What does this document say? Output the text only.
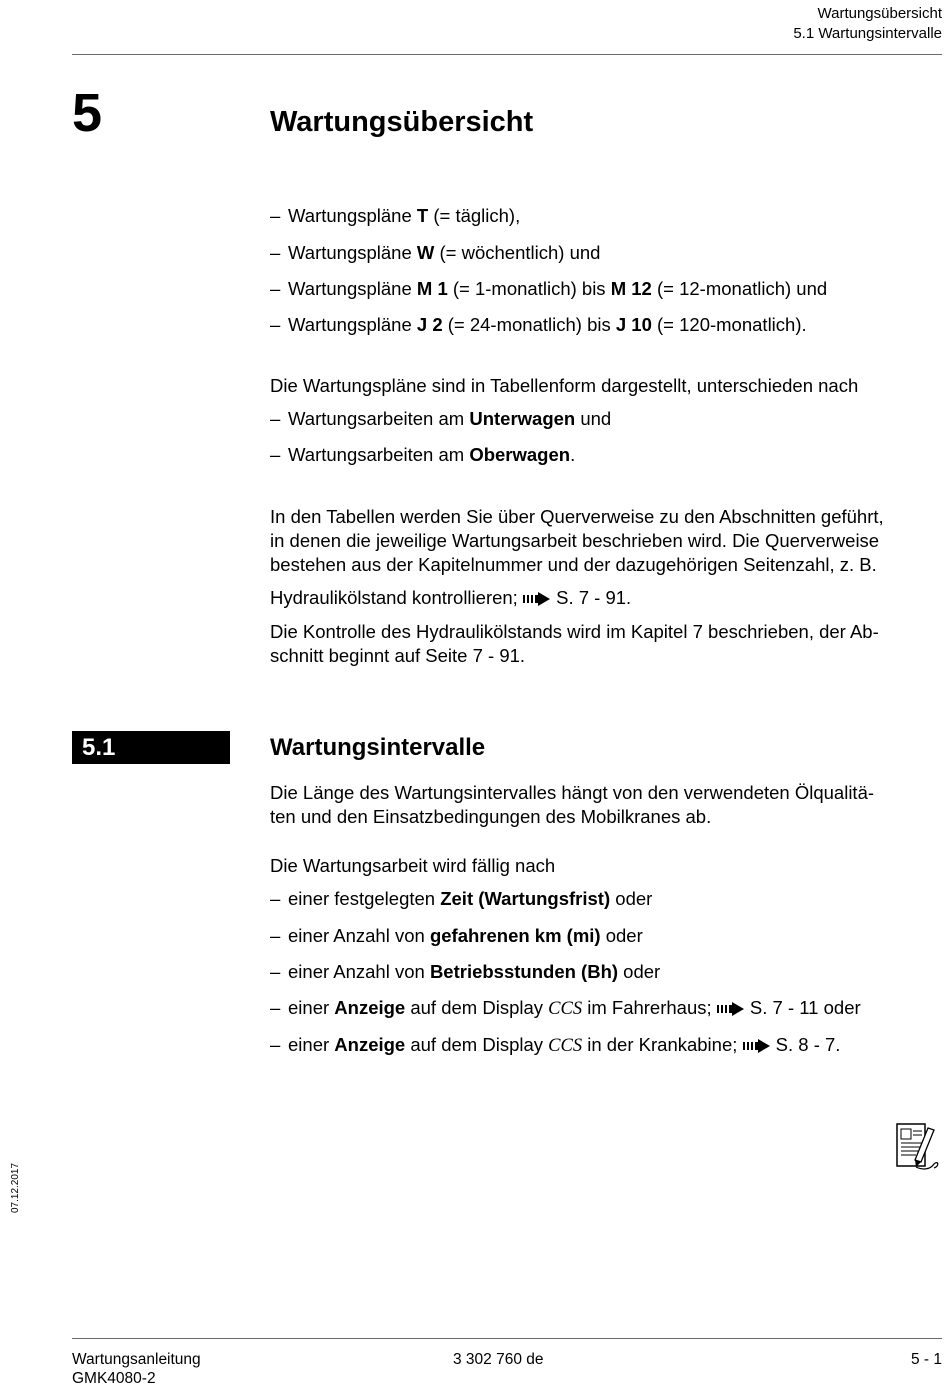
Wartungsübersicht
5.1 Wartungsintervalle
5	Wartungsübersicht
– Wartungspläne T (= täglich),
– Wartungspläne W (= wöchentlich) und
– Wartungspläne M 1 (= 1-monatlich) bis M 12 (= 12-monatlich) und
– Wartungspläne J 2 (= 24-monatlich) bis J 10 (= 120-monatlich).
Die Wartungspläne sind in Tabellenform dargestellt, unterschieden nach
– Wartungsarbeiten am Unterwagen und
– Wartungsarbeiten am Oberwagen.
In den Tabellen werden Sie über Querverweise zu den Abschnitten geführt,
in denen die jeweilige Wartungsarbeit beschrieben wird. Die Querverweise
bestehen aus der Kapitelnummer und der dazugehörigen Seitenzahl, z. B.
Hydraulikölstand kontrollieren;  S. 7 - 91.
Die Kontrolle des Hydraulikölstands wird im Kapitel 7 beschrieben, der Ab-
schnitt beginnt auf Seite 7 - 91.
5.1	Wartungsintervalle
Die Länge des Wartungsintervalles hängt von den verwendeten Ölqualitä-
ten und den Einsatzbedingungen des Mobilkranes ab.
Die Wartungsarbeit wird fällig nach
– einer festgelegten Zeit (Wartungsfrist) oder
– einer Anzahl von gefahrenen km (mi) oder
– einer Anzahl von Betriebsstunden (Bh) oder
– einer Anzeige auf dem Display CCS im Fahrerhaus;  S. 7 - 11 oder
– einer Anzeige auf dem Display CCS in der Krankabine;  S. 8 - 7.
07.12.2017
Wartungsanleitung
GMK4080-2
3 302 760 de	5 - 1
